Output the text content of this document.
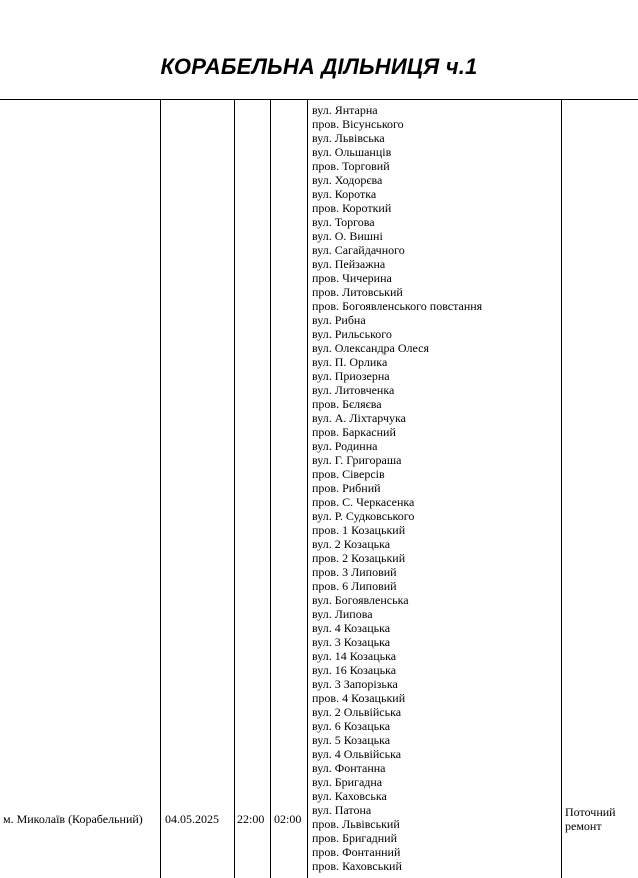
КОРАБЕЛЬНА ДІЛЬНИЦЯ ч.1
м. Миколаїв (Корабельний) 04.05.2025 22:00 02:00	Поточний
ремонт
вул. Янтарна
пров. Вісунського
вул. Львівська
вул. Ольшанців
пров. Торговий
вул. Ходорєва
вул. Коротка
пров. Короткий
вул. Торгова
вул. О. Вишні
вул. Сагайдачного
вул. Пейзажна
пров. Чичерина
пров. Литовський
пров. Богоявленського повстання
вул. Рибна
вул. Рильського
вул. Олександра Олеся
вул. П. Орлика
вул. Приозерна
вул. Литовченка
пров. Бєляєва
вул. А. Ліхтарчука
пров. Баркасний
вул. Родинна
вул. Г. Григораша
пров. Сіверсів
пров. Рибний
пров. С. Черкасенка
вул. Р. Судковського
пров. 1 Козацький
вул. 2 Козацька
пров. 2 Козацький
пров. 3 Липовий
пров. 6 Липовий
вул. Богоявленська
вул. Липова
вул. 4 Козацька
вул. 3 Козацька
вул. 14 Козацька
вул. 16 Козацька
вул. 3 Запорізька
пров. 4 Козацький
вул. 2 Ольвійська
вул. 6 Козацька
вул. 5 Козацька
вул. 4 Ольвійська
вул. Фонтанна
вул. Бригадна
вул. Каховська
вул. Патона
пров. Львівський
пров. Бригадний
пров. Фонтанний
пров. Каховський
